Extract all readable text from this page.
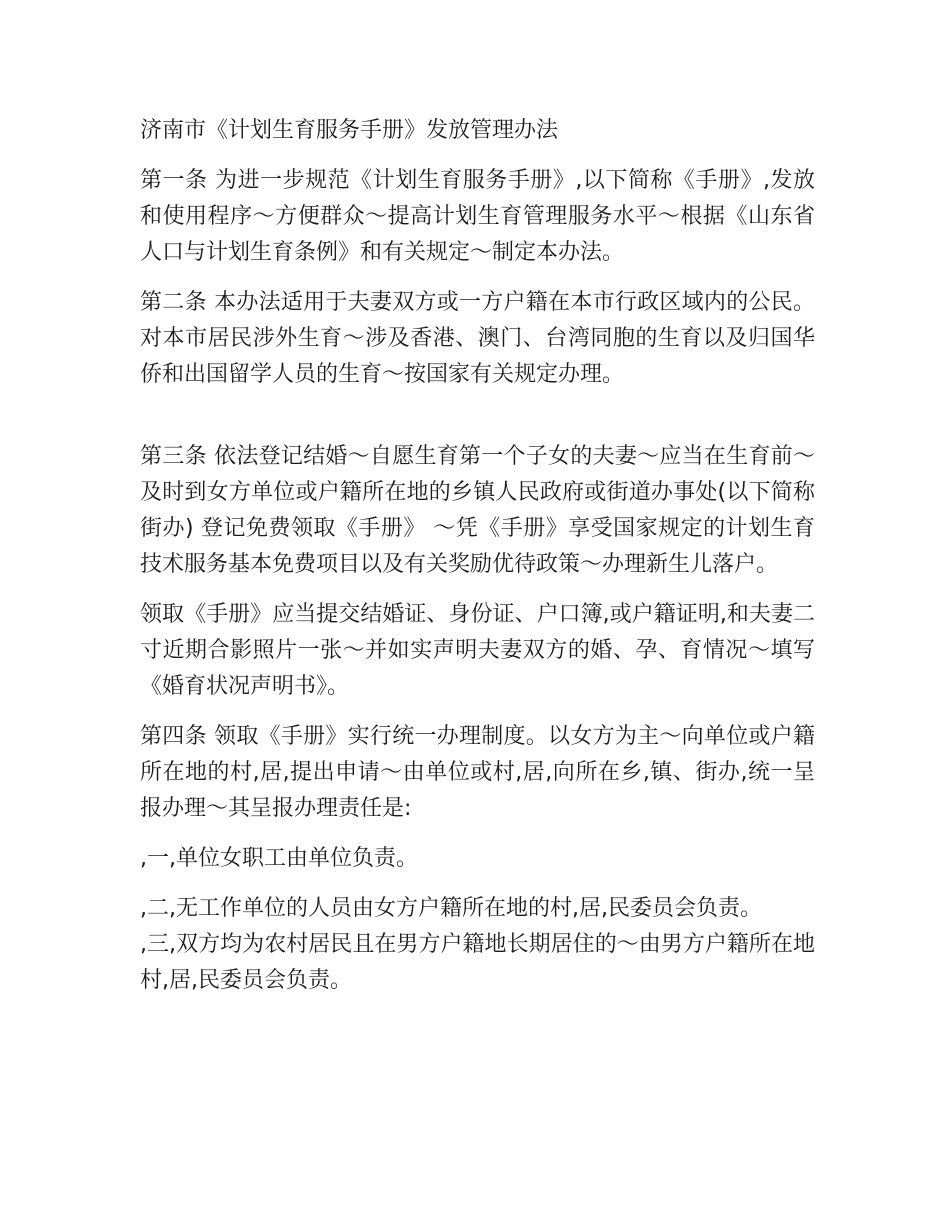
济南市《计划生育服务手册》发放管理办法

第一条 为进一步规范《计划生育服务手册》,以下简称《手册》,发放和使用程序～方便群众～提高计划生育管理服务水平～根据《山东省人口与计划生育条例》和有关规定～制定本办法。

第二条 本办法适用于夫妻双方或一方户籍在本市行政区域内的公民。对本市居民涉外生育～涉及香港、澳门、台湾同胞的生育以及归国华侨和出国留学人员的生育～按国家有关规定办理。

第三条 依法登记结婚～自愿生育第一个子女的夫妻～应当在生育前～及时到女方单位或户籍所在地的乡镇人民政府或街道办事处(以下简称街办) 登记免费领取《手册》 ～凭《手册》享受国家规定的计划生育技术服务基本免费项目以及有关奖励优待政策～办理新生儿落户。

领取《手册》应当提交结婚证、身份证、户口簿,或户籍证明,和夫妻二寸近期合影照片一张～并如实声明夫妻双方的婚、孕、育情况～填写《婚育状况声明书》。

第四条 领取《手册》实行统一办理制度。以女方为主～向单位或户籍所在地的村,居,提出申请～由单位或村,居,向所在乡,镇、街办,统一呈报办理～其呈报办理责任是:

,一,单位女职工由单位负责。

,二,无工作单位的人员由女方户籍所在地的村,居,民委员会负责。

,三,双方均为农村居民且在男方户籍地长期居住的～由男方户籍所在地村,居,民委员会负责。
